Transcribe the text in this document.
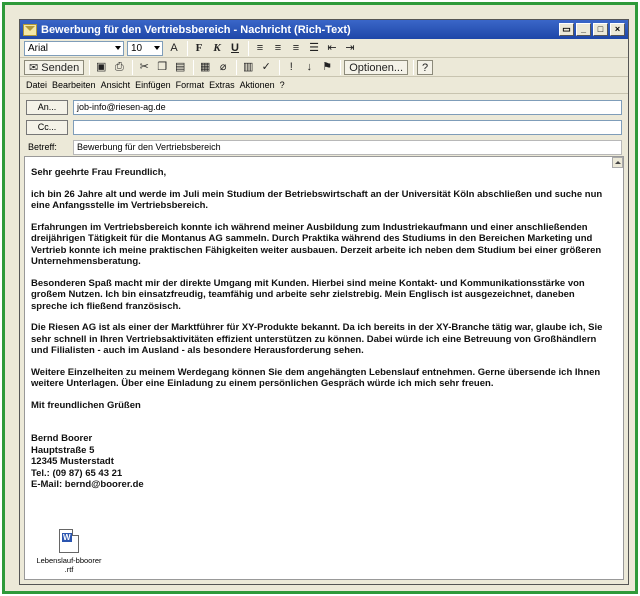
Bewerbung für den Vertriebsbereich - Nachricht (Rich-Text)	▭	_	□	×
Arial	10	A	F K U	≡	≡	≡ ☰ ⇤ ⇥
✉ Senden	▣ ⎙	✂ ❐ ▤ ▦ ⌀	▥ ✓	!	↓ ⚑	Optionen...	?
Datei Bearbeiten Ansicht Einfügen Format Extras Aktionen ?
An...	job-info@riesen-ag.de
Cc...
Betreff:	Bewerbung für den Vertriebsbereich

Sehr geehrte Frau Freundlich,

ich bin 26 Jahre alt und werde im Juli mein Studium der Betriebswirtschaft an der Universität Köln abschließen und suche nun eine Anfangsstelle im Vertriebsbereich.

Erfahrungen im Vertriebsbereich konnte ich während meiner Ausbildung zum Industriekaufmann und einer anschließenden dreijährigen Tätigkeit für die Montanus AG sammeln. Durch Praktika während des Studiums in den Bereichen Marketing und Vertrieb konnte ich meine praktischen Fähigkeiten weiter ausbauen. Derzeit arbeite ich neben dem Studium bei einer größeren Unternehmensberatung.

Besonderen Spaß macht mir der direkte Umgang mit Kunden. Hierbei sind meine Kontakt- und Kommunikationsstärke von großem Nutzen. Ich bin einsatzfreudig, teamfähig und arbeite sehr zielstrebig. Mein Englisch ist ausgezeichnet, daneben spreche ich fließend französisch.

Die Riesen AG ist als einer der Marktführer für XY-Produkte bekannt. Da ich bereits in der XY-Branche tätig war, glaube ich, Sie sehr schnell in Ihren Vertriebsaktivitäten effizient unterstützen zu können. Dabei würde ich eine Betreuung von Großhändlern und Filialisten - auch im Ausland - als besondere Herausforderung sehen.

Weitere Einzelheiten zu meinem Werdegang können Sie dem angehängten Lebenslauf entnehmen. Gerne übersende ich Ihnen weitere Unterlagen. Über eine Einladung zu einem persönlichen Gespräch würde ich mich sehr freuen.

Mit freundlichen Grüßen

Bernd Boorer

Hauptstraße 5

12345 Musterstadt

Tel.: (09 87) 65 43 21

E-Mail: bernd@boorer.de

W
Lebenslauf-bboorer
.rtf
